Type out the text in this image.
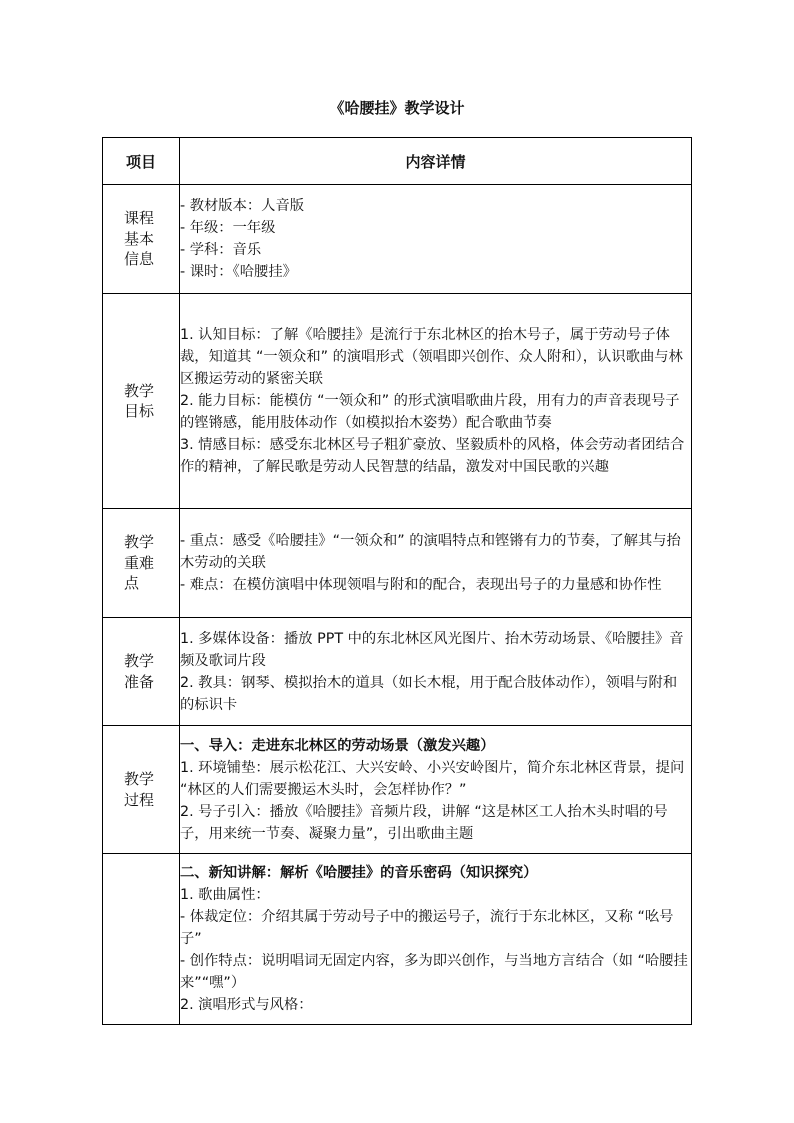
《哈腰挂》教学设计
项目	内容详情
课程基本信息	- 教材版本：人音版

- 年级：一年级

- 学科：音乐

- 课时：《哈腰挂》

教学目标	1. 认知目标：了解《哈腰挂》是流行于东北林区的抬木号子，属于劳动号子体裁，知道其 “一领众和” 的演唱形式（领唱即兴创作、众人附和），认识歌曲与林区搬运劳动的紧密关联

2. 能力目标：能模仿 “一领众和” 的形式演唱歌曲片段，用有力的声音表现号子的铿锵感，能用肢体动作（如模拟抬木姿势）配合歌曲节奏

3. 情感目标：感受东北林区号子粗犷豪放、坚毅质朴的风格，体会劳动者团结合作的精神，了解民歌是劳动人民智慧的结晶，激发对中国民歌的兴趣

教学重难点	- 重点：感受《哈腰挂》“一领众和” 的演唱特点和铿锵有力的节奏，了解其与抬木劳动的关联

- 难点：在模仿演唱中体现领唱与附和的配合，表现出号子的力量感和协作性

教学准备	1. 多媒体设备：播放 PPT 中的东北林区风光图片、抬木劳动场景、《哈腰挂》音频及歌词片段

2. 教具：钢琴、模拟抬木的道具（如长木棍，用于配合肢体动作），领唱与附和的标识卡

教学过程	一、导入：走进东北林区的劳动场景（激发兴趣）

1. 环境铺垫：展示松花江、大兴安岭、小兴安岭图片，简介东北林区背景，提问 “林区的人们需要搬运木头时，会怎样协作？”

2. 号子引入：播放《哈腰挂》音频片段，讲解 “这是林区工人抬木头时唱的号子，用来统一节奏、凝聚力量”，引出歌曲主题

	二、新知讲解：解析《哈腰挂》的音乐密码（知识探究）

1. 歌曲属性：

- 体裁定位：介绍其属于劳动号子中的搬运号子，流行于东北林区，又称 “吆号子”

- 创作特点：说明唱词无固定内容，多为即兴创作，与当地方言结合（如 “哈腰挂来”“嘿”）

2. 演唱形式与风格：
